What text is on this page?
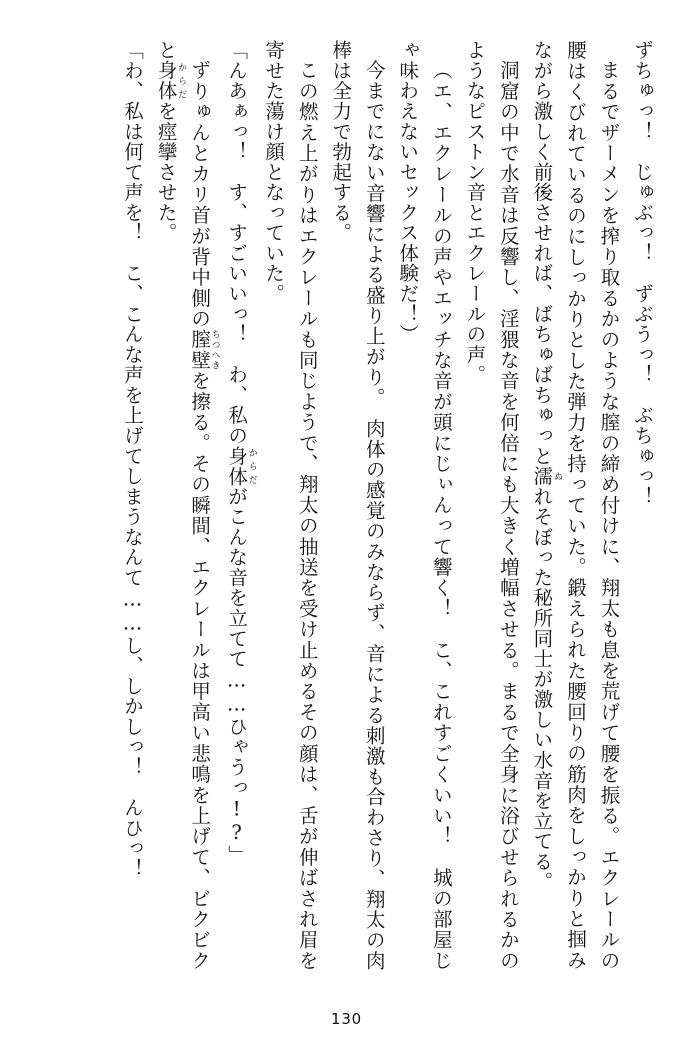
ずちゅっ！　じゅぶっ！　ずぶうっ！　ぶちゅっ！

まるでザーメンを搾り取るかのような膣の締め付けに、翔太も息を荒げて腰を振る。エクレールの腰はくびれているのにしっかりとした弾力を持っていた。鍛えられた腰回りの筋肉をしっかりと掴みながら激しく前後させれば、ばちゅばちゅっと濡ぬれそぼった秘所同士が激しい水音を立てる。

洞窟の中で水音は反響し、淫猥な音を何倍にも大きく増幅させる。まるで全身に浴びせられるかのようなピストン音とエクレールの声。

（エ、エクレールの声やエッチな音が頭にじぃんって響く！　こ、これすごくいい！　城の部屋じゃ味わえないセックス体験だ！）

今までにない音響による盛り上がり。　肉体の感覚のみならず、音による刺激も合わさり、翔太の肉棒は全力で勃起する。

この燃え上がりはエクレールも同じようで、翔太の抽送を受け止めるその顔は、舌が伸ばされ眉を寄せた蕩け顔となっていた。

「んあぁっ！　す、すごいいっ！　わ、私の身体からだがこんな音を立てて……ひゃうっ!?」

ずりゅんとカリ首が背中側の膣壁ちつへきを擦る。その瞬間、エクレールは甲高い悲鳴を上げて、ビクビクと身体からだを痙攣させた。

「わ、私は何て声を！　こ、こんな声を上げてしまうなんて……し、しかしっ！　んひっ！

130
